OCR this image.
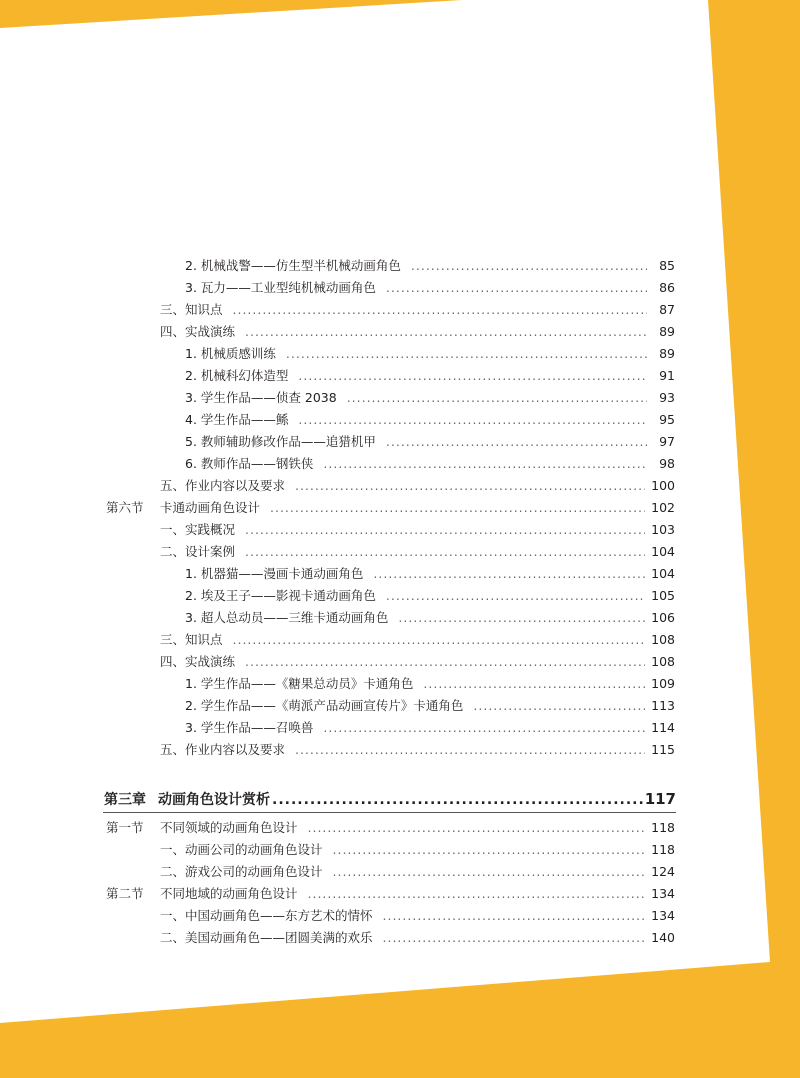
2. 机械战警——仿生型半机械动画角色 .....	85
3. 瓦力——工业型纯机械动画角色 .....	86
三、知识点 .....	87
四、实战演练 .....	89
1. 机械质感训练 .....	89
2. 机械科幻体造型 .....	91
3. 学生作品——侦查 2038 .....	93
4. 学生作品——鲧 .....	95
5. 教师辅助修改作品——追猎机甲 .....	97
6. 教师作品——钢铁侠 .....	98
五、作业内容以及要求 .....	100
第六节	卡通动画角色设计 .....	102
一、实践概况 .....	103
二、设计案例 .....	104
1. 机器猫——漫画卡通动画角色 .....	104
2. 埃及王子——影视卡通动画角色 .....	105
3. 超人总动员——三维卡通动画角色 .....	106
三、知识点 .....	108
四、实战演练 .....	108
1. 学生作品——《糖果总动员》卡通角色 .....	109
2. 学生作品——《萌派产品动画宣传片》卡通角色 .....	113
3. 学生作品——召唤兽 .....	114
五、作业内容以及要求 .....	115
第三章 动画角色设计赏析 .....	117
第一节	不同领域的动画角色设计 .....	118
一、动画公司的动画角色设计 .....	118
二、游戏公司的动画角色设计 .....	124
第二节	不同地域的动画角色设计 .....	134
一、中国动画角色——东方艺术的情怀 .....	134
二、美国动画角色——团圆美满的欢乐 .....	140
